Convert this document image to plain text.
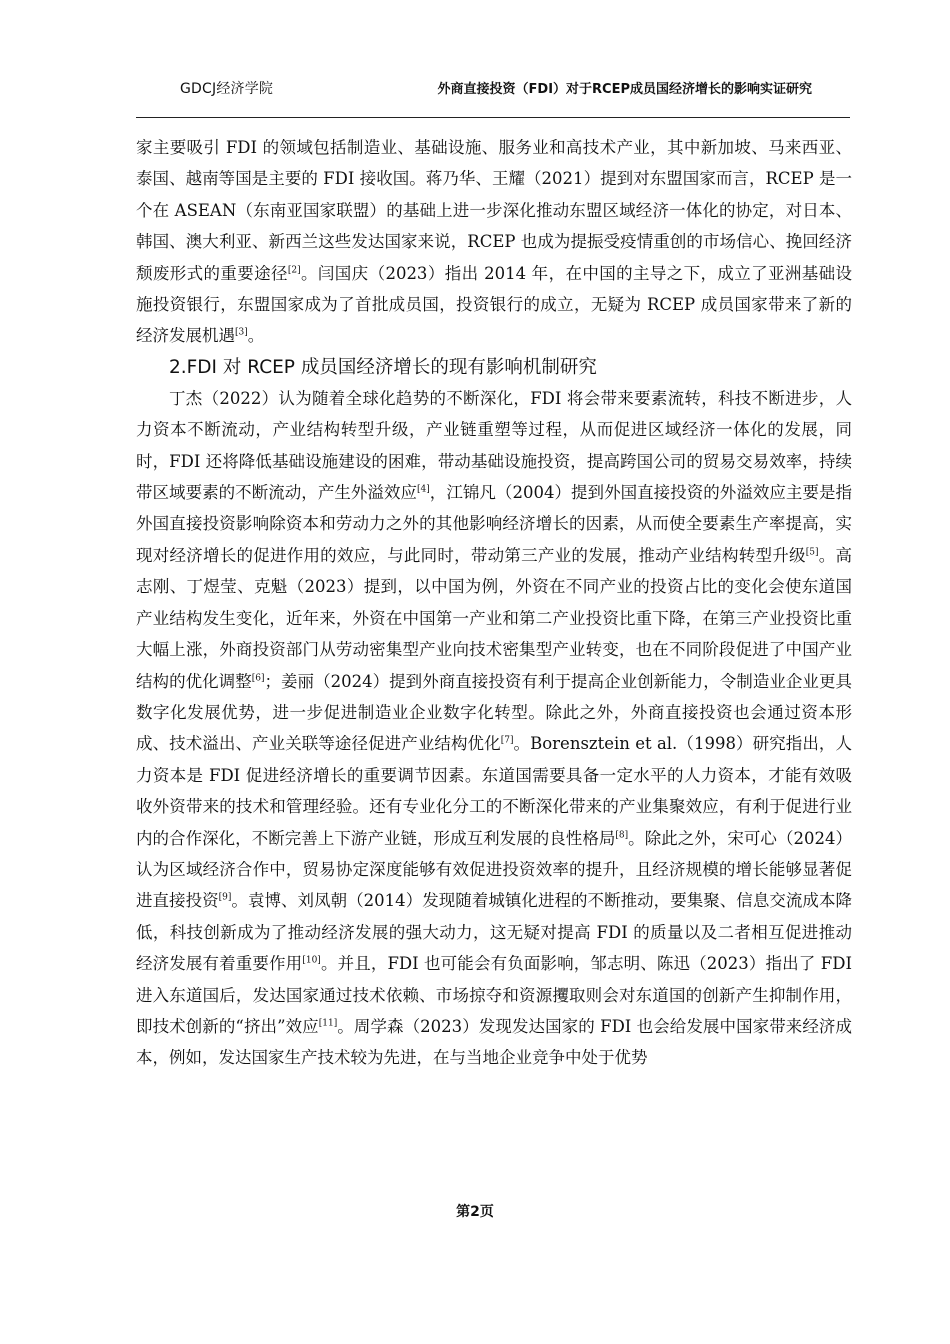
GDCJ经济学院	外商直接投资（FDI）对于RCEP成员国经济增长的影响实证研究

家主要吸引 FDI 的领域包括制造业、基础设施、服务业和高技术产业，其中新加坡、马来西亚、泰国、越南等国是主要的 FDI 接收国。蒋乃华、王耀（2021）提到对东盟国家而言，RCEP 是一个在 ASEAN（东南亚国家联盟）的基础上进一步深化推动东盟区域经济一体化的协定，对日本、韩国、澳大利亚、新西兰这些发达国家来说，RCEP 也成为提振受疫情重创的市场信心、挽回经济颓废形式的重要途径[2]。闫国庆（2023）指出 2014 年，在中国的主导之下，成立了亚洲基础设施投资银行，东盟国家成为了首批成员国，投资银行的成立，无疑为 RCEP 成员国家带来了新的经济发展机遇[3]。

2.FDI 对 RCEP 成员国经济增长的现有影响机制研究

丁杰（2022）认为随着全球化趋势的不断深化，FDI 将会带来要素流转，科技不断进步，人力资本不断流动，产业结构转型升级，产业链重塑等过程，从而促进区域经济一体化的发展，同时，FDI 还将降低基础设施建设的困难，带动基础设施投资，提高跨国公司的贸易交易效率，持续带区域要素的不断流动，产生外溢效应[4]，江锦凡（2004）提到外国直接投资的外溢效应主要是指外国直接投资影响除资本和劳动力之外的其他影响经济增长的因素，从而使全要素生产率提高，实现对经济增长的促进作用的效应，与此同时，带动第三产业的发展，推动产业结构转型升级[5]。高志刚、丁煜莹、克魁（2023）提到，以中国为例，外资在不同产业的投资占比的变化会使东道国产业结构发生变化，近年来，外资在中国第一产业和第二产业投资比重下降，在第三产业投资比重大幅上涨，外商投资部门从劳动密集型产业向技术密集型产业转变，也在不同阶段促进了中国产业结构的优化调整[6]；姜丽（2024）提到外商直接投资有利于提高企业创新能力，令制造业企业更具数字化发展优势，进一步促进制造业企业数字化转型。除此之外，外商直接投资也会通过资本形成、技术溢出、产业关联等途径促进产业结构优化[7]。Borensztein et al.（1998）研究指出，人力资本是 FDI 促进经济增长的重要调节因素。东道国需要具备一定水平的人力资本，才能有效吸收外资带来的技术和管理经验。还有专业化分工的不断深化带来的产业集聚效应，有利于促进行业内的合作深化，不断完善上下游产业链，形成互利发展的良性格局[8]。除此之外，宋可心（2024）认为区域经济合作中，贸易协定深度能够有效促进投资效率的提升，且经济规模的增长能够显著促进直接投资[9]。袁博、刘凤朝（2014）发现随着城镇化进程的不断推动，要集聚、信息交流成本降低，科技创新成为了推动经济发展的强大动力，这无疑对提高 FDI 的质量以及二者相互促进推动经济发展有着重要作用[10]。并且，FDI 也可能会有负面影响，邹志明、陈迅（2023）指出了 FDI 进入东道国后，发达国家通过技术依赖、市场掠夺和资源攫取则会对东道国的创新产生抑制作用，即技术创新的“挤出”效应[11]。周学森（2023）发现发达国家的 FDI 也会给发展中国家带来经济成本，例如，发达国家生产技术较为先进，在与当地企业竞争中处于优势

第2页
